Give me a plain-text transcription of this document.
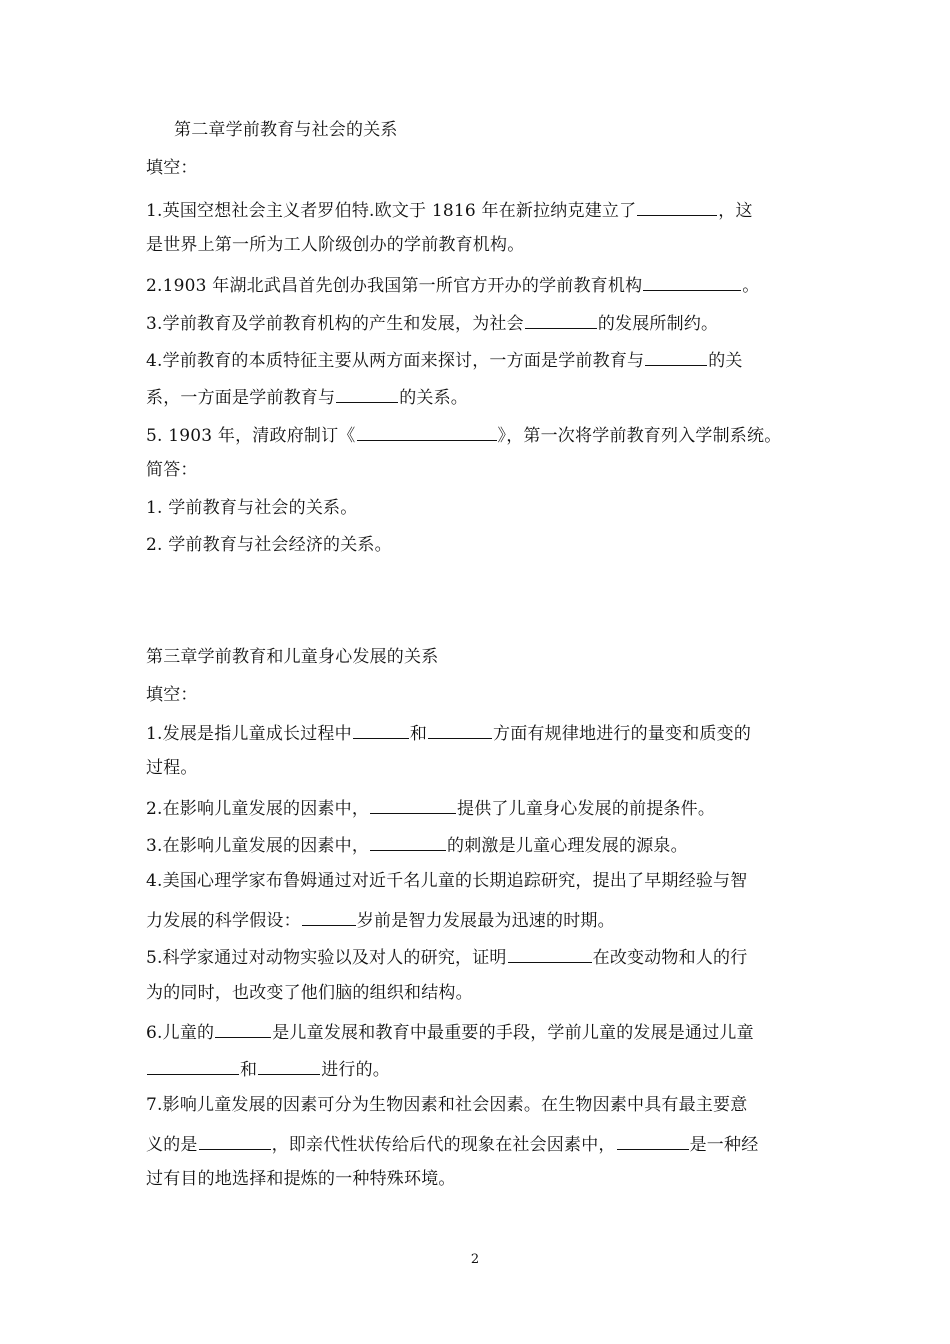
第二章学前教育与社会的关系
填空：
1.英国空想社会主义者罗伯特.欧文于 1816 年在新拉纳克建立了	，这
是世界上第一所为工人阶级创办的学前教育机构。
2.1903 年湖北武昌首先创办我国第一所官方开办的学前教育机构	。
3.学前教育及学前教育机构的产生和发展，为社会	的发展所制约。
4.学前教育的本质特征主要从两方面来探讨，一方面是学前教育与	的关
系，一方面是学前教育与	的关系。
5. 1903 年，清政府制订《	》，第一次将学前教育列入学制系统。
简答：
1. 学前教育与社会的关系。
2. 学前教育与社会经济的关系。
第三章学前教育和儿童身心发展的关系
填空：
1.发展是指儿童成长过程中	和	方面有规律地进行的量变和质变的
过程。
2.在影响儿童发展的因素中，	提供了儿童身心发展的前提条件。
3.在影响儿童发展的因素中，	的刺激是儿童心理发展的源泉。
4.美国心理学家布鲁姆通过对近千名儿童的长期追踪研究，提出了早期经验与智
力发展的科学假设：	岁前是智力发展最为迅速的时期。
5.科学家通过对动物实验以及对人的研究，证明	在改变动物和人的行
为的同时，也改变了他们脑的组织和结构。
6.儿童的	是儿童发展和教育中最重要的手段，学前儿童的发展是通过儿童
和	进行的。
7.影响儿童发展的因素可分为生物因素和社会因素。在生物因素中具有最主要意
义的是	，即亲代性状传给后代的现象在社会因素中，	是一种经
过有目的地选择和提炼的一种特殊环境。
2
